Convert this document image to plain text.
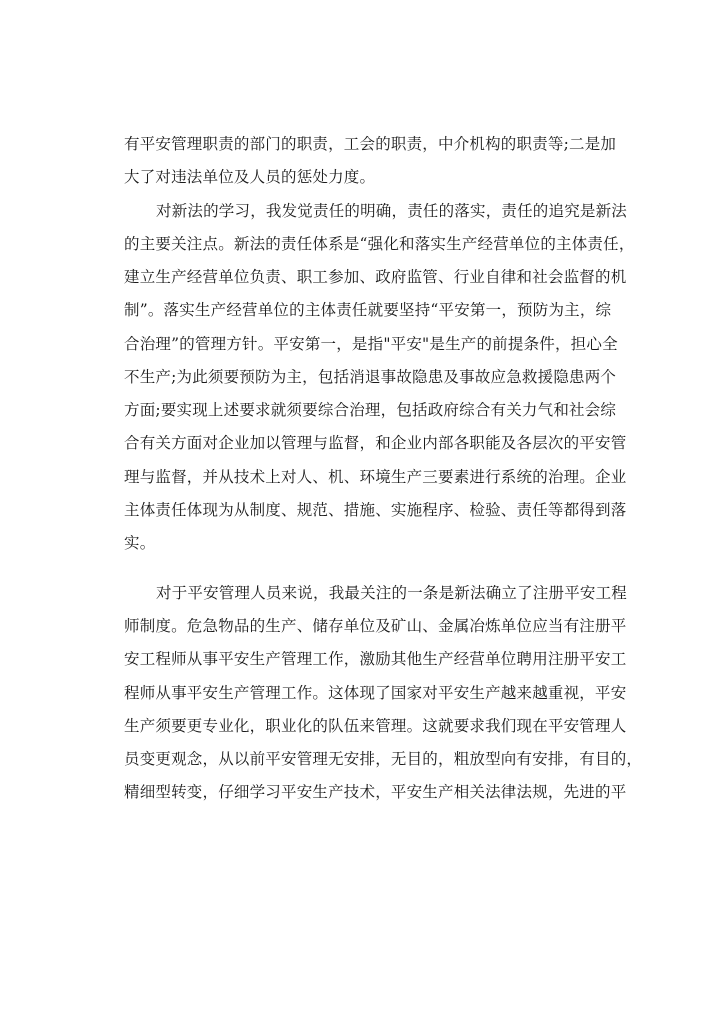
有平安管理职责的部门的职责，工会的职责，中介机构的职责等;二是加
大了对违法单位及人员的惩处力度。
对新法的学习，我发觉责任的明确，责任的落实，责任的追究是新法
的主要关注点。新法的责任体系是“强化和落实生产经营单位的主体责任，
建立生产经营单位负责、职工参加、政府监管、行业自律和社会监督的机
制”。落实生产经营单位的主体责任就要坚持“平安第一，预防为主，综
合治理”的管理方针。平安第一，是指"平安"是生产的前提条件，担心全
不生产;为此须要预防为主，包括消退事故隐患及事故应急救援隐患两个
方面;要实现上述要求就须要综合治理，包括政府综合有关力气和社会综
合有关方面对企业加以管理与监督，和企业内部各职能及各层次的平安管
理与监督，并从技术上对人、机、环境生产三要素进行系统的治理。企业
主体责任体现为从制度、规范、措施、实施程序、检验、责任等都得到落
实。
对于平安管理人员来说，我最关注的一条是新法确立了注册平安工程
师制度。危急物品的生产、储存单位及矿山、金属冶炼单位应当有注册平
安工程师从事平安生产管理工作，激励其他生产经营单位聘用注册平安工
程师从事平安生产管理工作。这体现了国家对平安生产越来越重视，平安
生产须要更专业化，职业化的队伍来管理。这就要求我们现在平安管理人
员变更观念，从以前平安管理无安排，无目的，粗放型向有安排，有目的，
精细型转变，仔细学习平安生产技术，平安生产相关法律法规，先进的平
